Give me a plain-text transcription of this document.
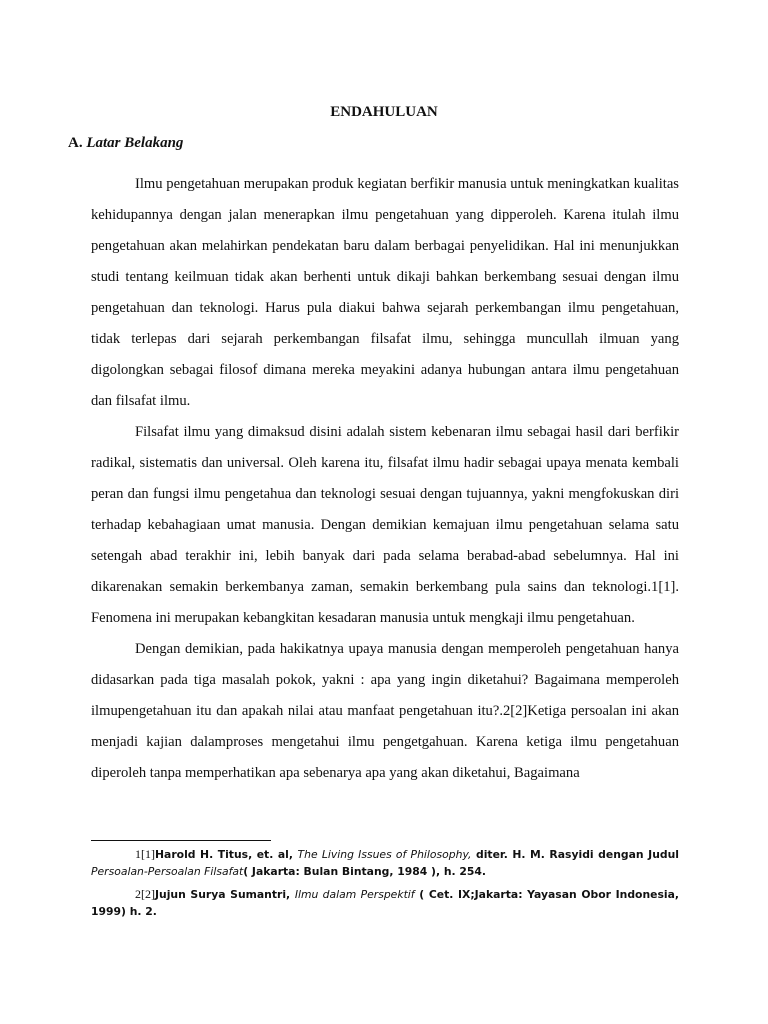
ENDAHULUAN
A. Latar Belakang

Ilmu pengetahuan merupakan produk kegiatan berfikir manusia untuk meningkatkan kualitas kehidupannya dengan jalan menerapkan ilmu pengetahuan yang dipperoleh. Karena itulah ilmu pengetahuan akan melahirkan pendekatan baru dalam berbagai penyelidikan. Hal ini menunjukkan studi tentang keilmuan tidak akan berhenti untuk dikaji bahkan berkembang sesuai dengan ilmu pengetahuan dan teknologi. Harus pula diakui bahwa sejarah perkembangan ilmu pengetahuan, tidak terlepas dari sejarah perkembangan filsafat ilmu, sehingga muncullah ilmuan yang digolongkan sebagai filosof dimana mereka meyakini adanya hubungan antara ilmu pengetahuan dan filsafat ilmu.

Filsafat ilmu yang dimaksud disini adalah sistem kebenaran ilmu sebagai hasil dari berfikir radikal, sistematis dan universal. Oleh karena itu, filsafat ilmu hadir sebagai upaya menata kembali peran dan fungsi ilmu pengetahua dan teknologi sesuai dengan tujuannya, yakni mengfokuskan diri terhadap kebahagiaan umat manusia. Dengan demikian kemajuan ilmu pengetahuan selama satu setengah abad terakhir ini, lebih banyak dari pada selama berabad-abad sebelumnya. Hal ini dikarenakan semakin berkembanya zaman, semakin berkembang pula sains dan teknologi.1[1]. Fenomena ini merupakan kebangkitan kesadaran manusia untuk mengkaji ilmu pengetahuan.

Dengan demikian, pada hakikatnya upaya manusia dengan memperoleh pengetahuan hanya didasarkan pada tiga masalah pokok, yakni : apa yang ingin diketahui? Bagaimana memperoleh ilmupengetahuan itu dan apakah nilai atau manfaat pengetahuan itu?.2[2]Ketiga persoalan ini akan menjadi kajian dalamproses mengetahui ilmu pengetgahuan. Karena ketiga ilmu pengetahuan diperoleh tanpa memperhatikan apa sebenarya apa yang akan diketahui, Bagaimana

1[1]Harold H. Titus, et. al, The Living Issues of Philosophy, diter. H. M. Rasyidi dengan Judul Persoalan-Persoalan Filsafat( Jakarta: Bulan Bintang, 1984 ), h. 254.

2[2]Jujun Surya Sumantri, Ilmu dalam Perspektif ( Cet. IX;Jakarta: Yayasan Obor Indonesia, 1999) h. 2.
